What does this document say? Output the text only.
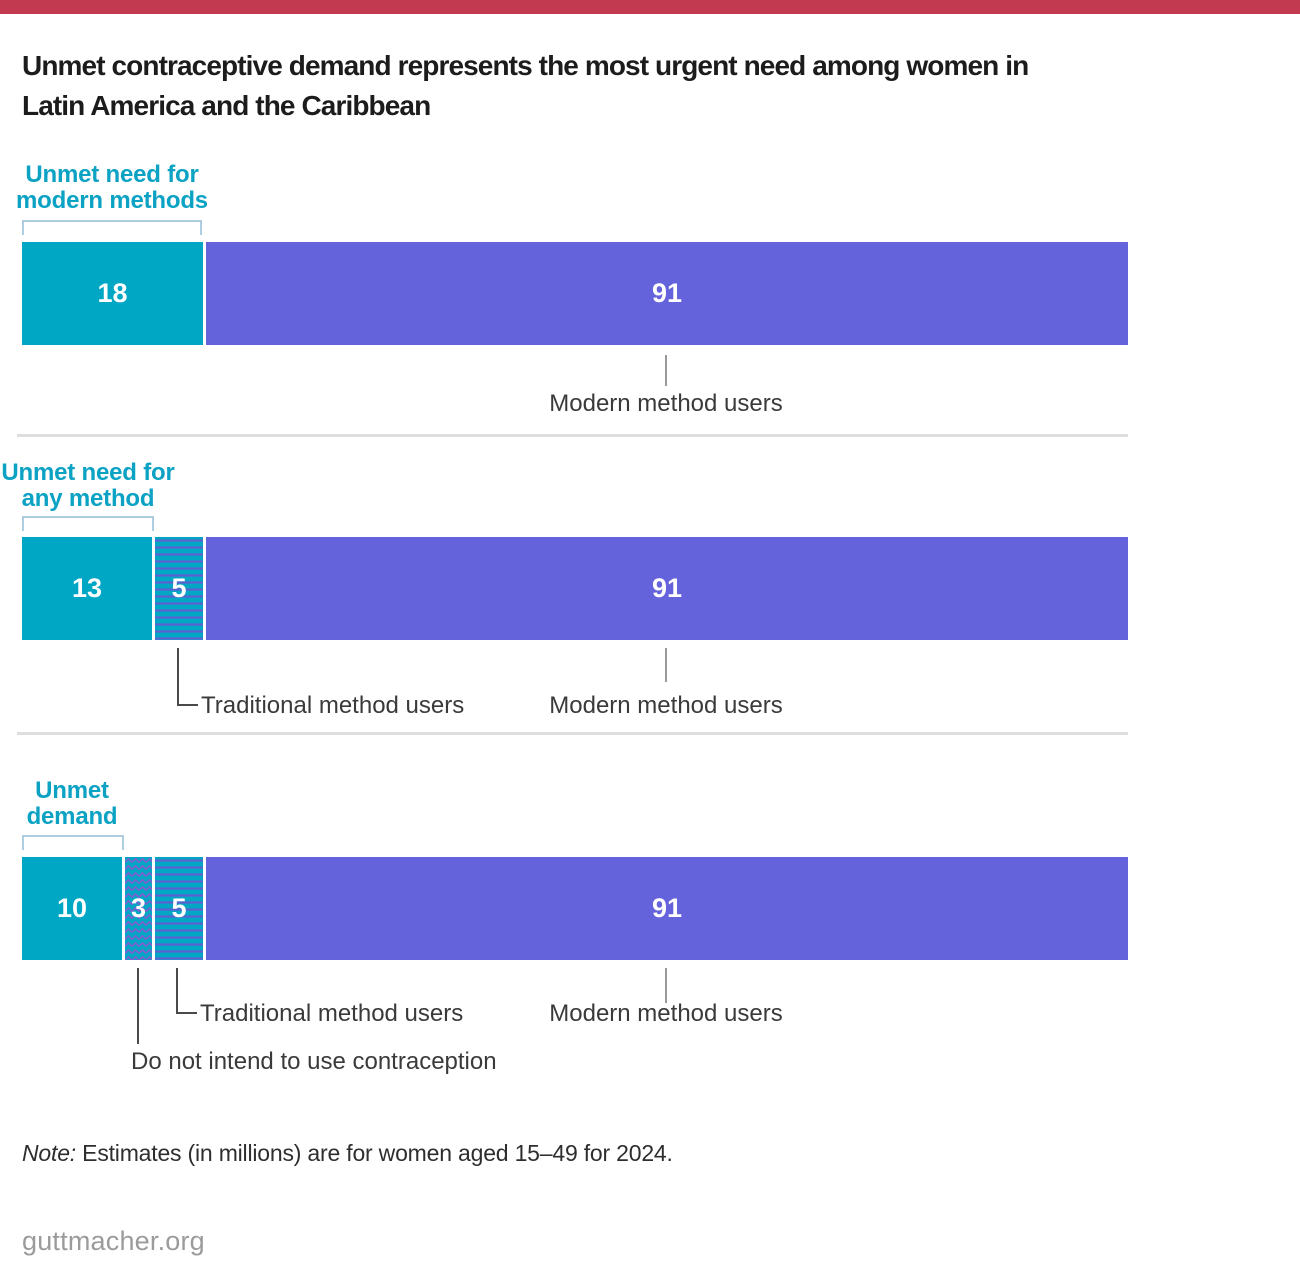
Unmet contraceptive demand represents the most urgent need among women in
Latin America and the Caribbean
Unmet need for
modern methods
18	91
Modern method users
Unmet need for
any method
13	5	91
Traditional method users	Modern method users
Unmet
demand
10 3 5	91
Traditional method users	Modern method users
Do not intend to use contraception
Note: Estimates (in millions) are for women aged 15–49 for 2024.
guttmacher.org
